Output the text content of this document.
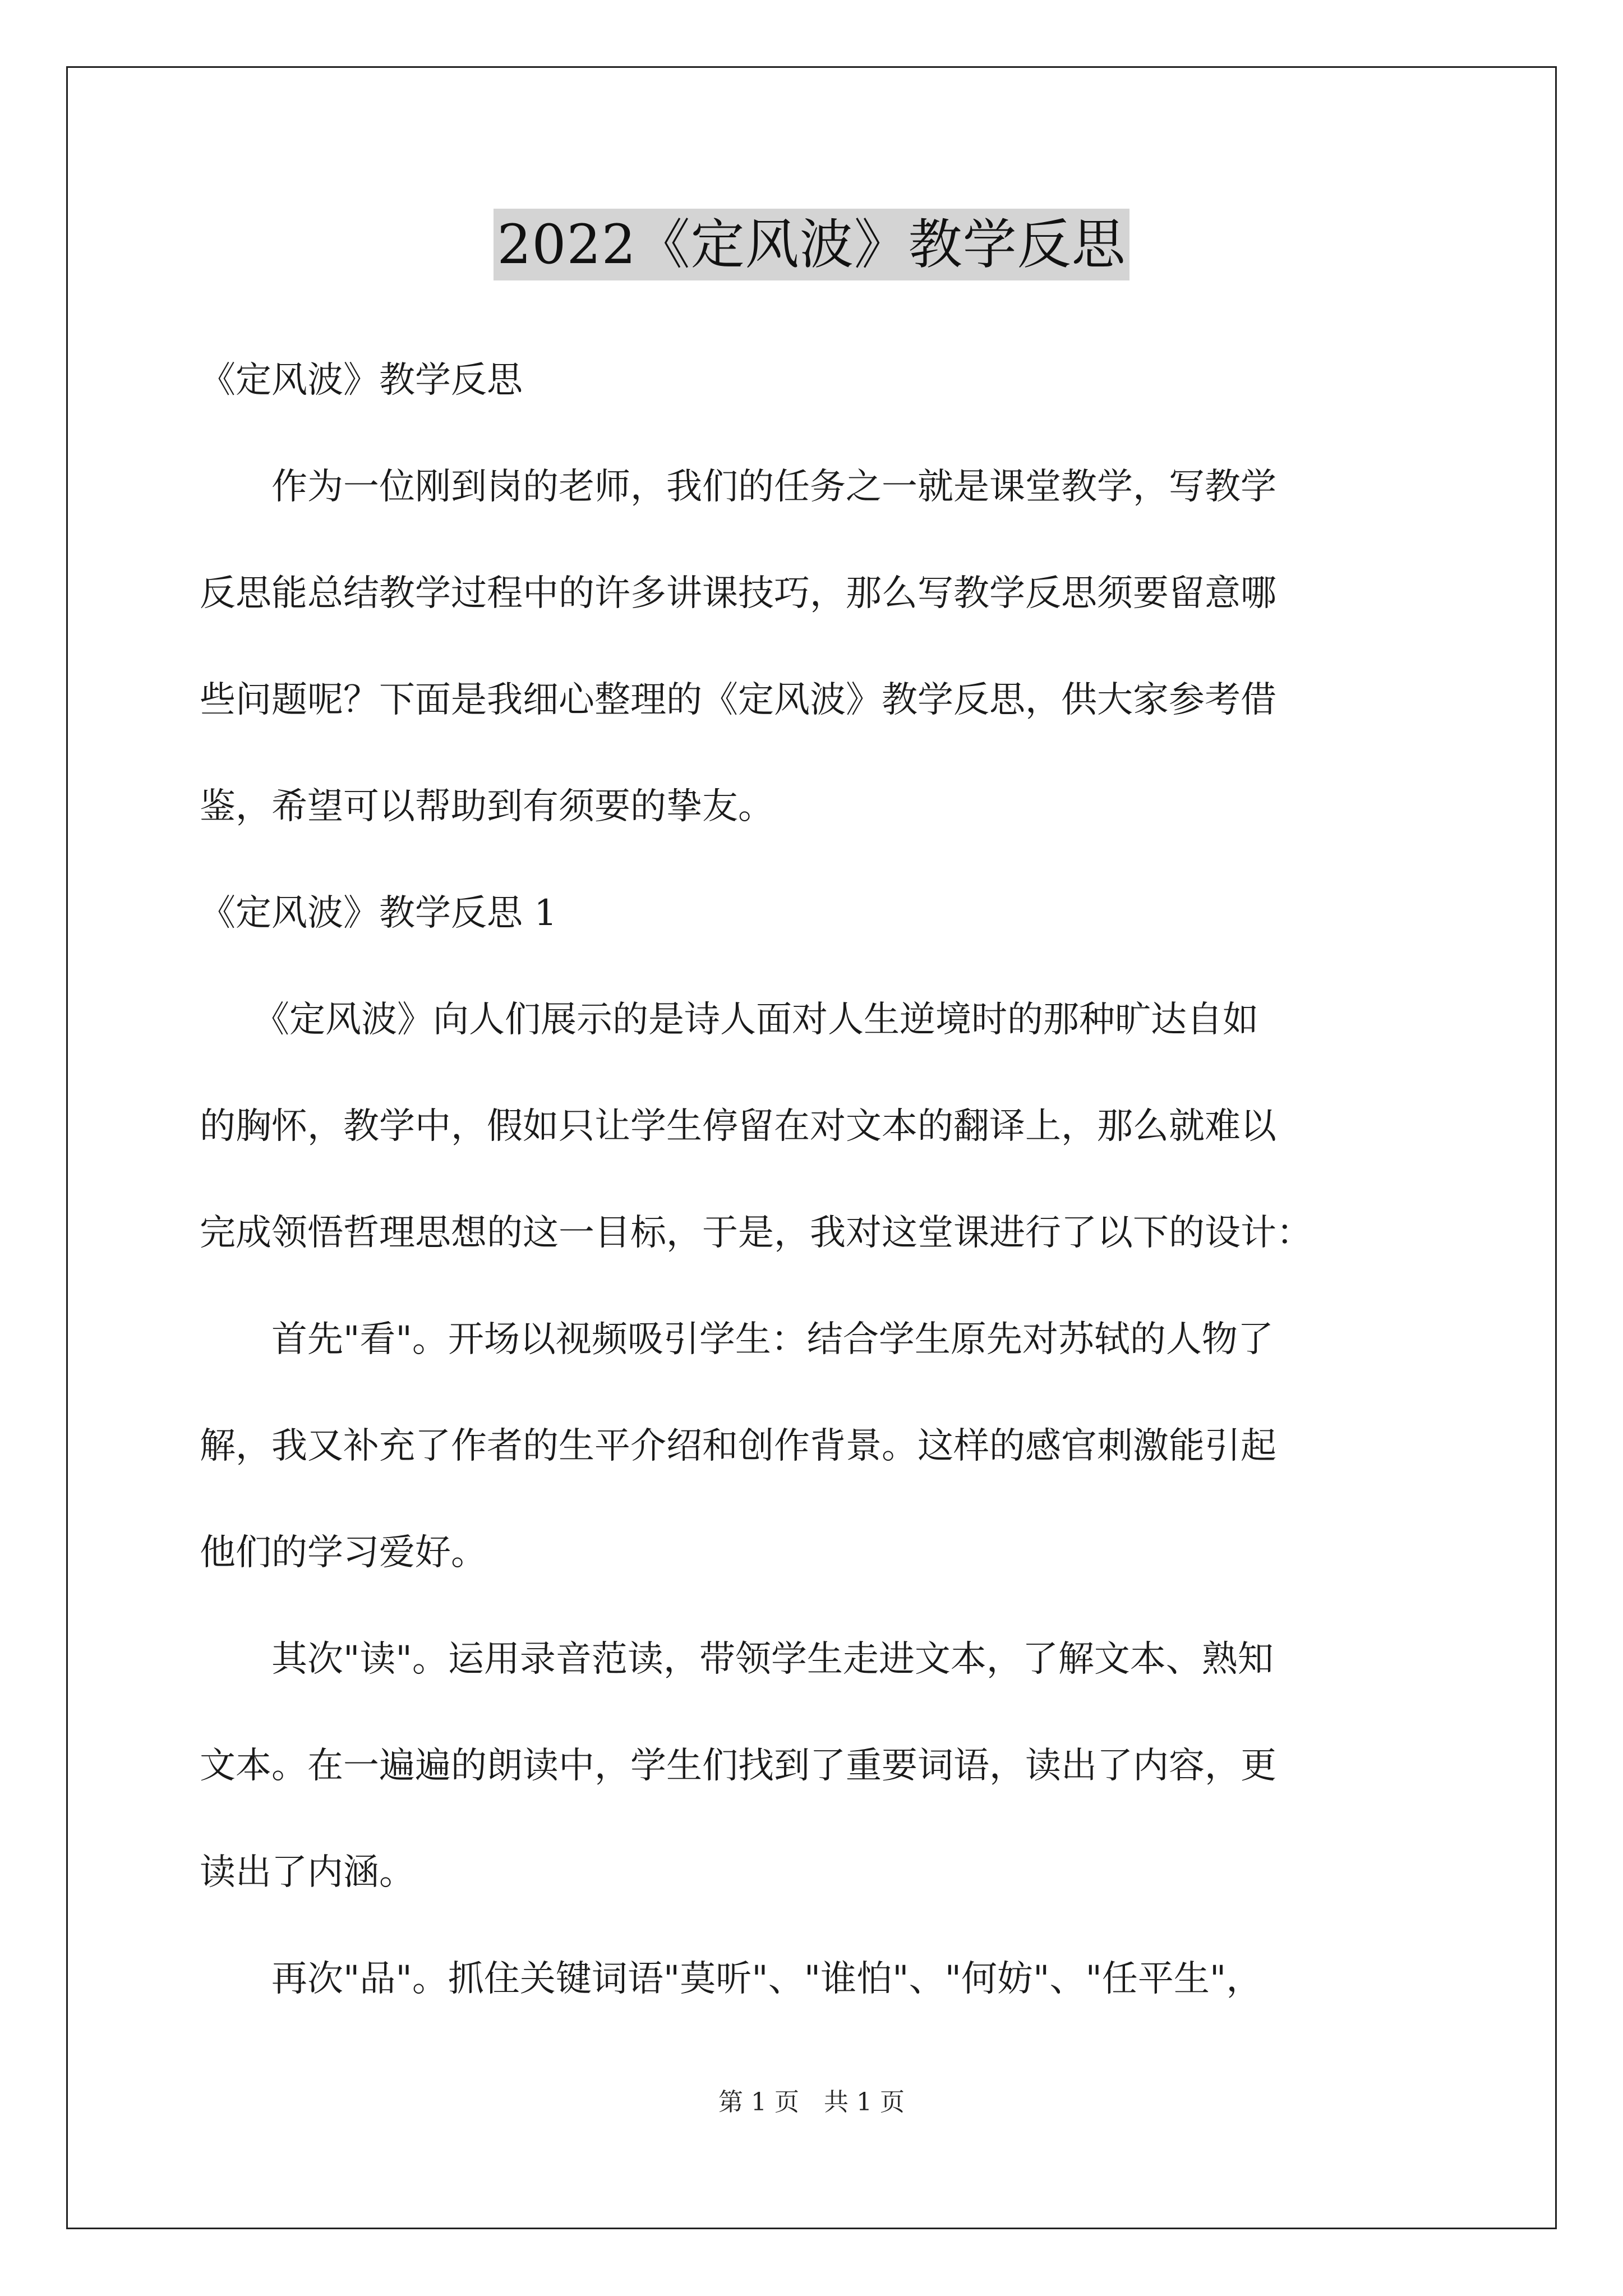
2022《定风波》教学反思
《定风波》教学反思
　　作为一位刚到岗的老师，我们的任务之一就是课堂教学，写教学
反思能总结教学过程中的许多讲课技巧，那么写教学反思须要留意哪
些问题呢？下面是我细心整理的《定风波》教学反思，供大家参考借
鉴，希望可以帮助到有须要的挚友。
《定风波》教学反思 1
　　《定风波》向人们展示的是诗人面对人生逆境时的那种旷达自如
的胸怀，教学中，假如只让学生停留在对文本的翻译上，那么就难以
完成领悟哲理思想的这一目标，于是，我对这堂课进行了以下的设计：
　　首先"看"。开场以视频吸引学生：结合学生原先对苏轼的人物了
解，我又补充了作者的生平介绍和创作背景。这样的感官刺激能引起
他们的学习爱好。
　　其次"读"。运用录音范读，带领学生走进文本，了解文本、熟知
文本。在一遍遍的朗读中，学生们找到了重要词语，读出了内容，更
读出了内涵。
　　再次"品"。抓住关键词语"莫听"、"谁怕"、"何妨"、"任平生"，
第 1 页　共 1 页
